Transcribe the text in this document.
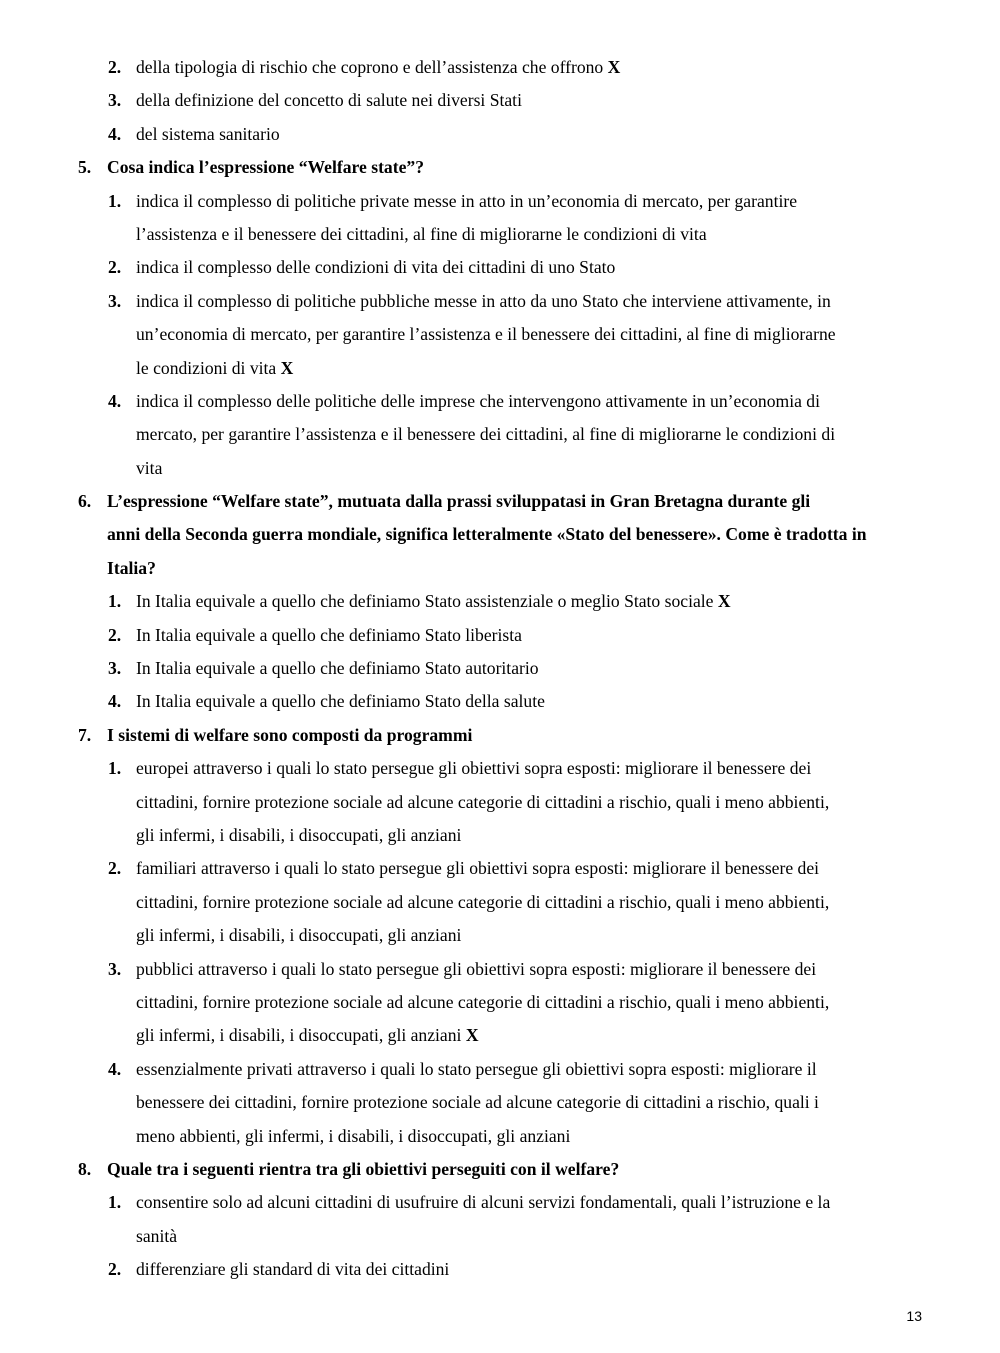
2. della tipologia di rischio che coprono e dell’assistenza che offrono X
3. della definizione del concetto di salute nei diversi Stati
4. del sistema sanitario
5. Cosa indica l’espressione “Welfare state”?
1. indica il complesso di politiche private messe in atto in un’economia di mercato, per garantire
l’assistenza e il benessere dei cittadini, al fine di migliorarne le condizioni di vita
2. indica il complesso delle condizioni di vita dei cittadini di uno Stato
3. indica il complesso di politiche pubbliche messe in atto da uno Stato che interviene attivamente, in
un’economia di mercato, per garantire l’assistenza e il benessere dei cittadini, al fine di migliorarne
le condizioni di vita X
4. indica il complesso delle politiche delle imprese che intervengono attivamente in un’economia di
mercato, per garantire l’assistenza e il benessere dei cittadini, al fine di migliorarne le condizioni di
vita
6. L’espressione “Welfare state”, mutuata dalla prassi sviluppatasi in Gran Bretagna durante gli
anni della Seconda guerra mondiale, significa letteralmente «Stato del benessere». Come è tradotta in
Italia?
1. In Italia equivale a quello che definiamo Stato assistenziale o meglio Stato sociale X
2. In Italia equivale a quello che definiamo Stato liberista
3. In Italia equivale a quello che definiamo Stato autoritario
4. In Italia equivale a quello che definiamo Stato della salute
7. I sistemi di welfare sono composti da programmi
1. europei attraverso i quali lo stato persegue gli obiettivi sopra esposti: migliorare il benessere dei
cittadini, fornire protezione sociale ad alcune categorie di cittadini a rischio, quali i meno abbienti,
gli infermi, i disabili, i disoccupati, gli anziani
2. familiari attraverso i quali lo stato persegue gli obiettivi sopra esposti: migliorare il benessere dei
cittadini, fornire protezione sociale ad alcune categorie di cittadini a rischio, quali i meno abbienti,
gli infermi, i disabili, i disoccupati, gli anziani
3. pubblici attraverso i quali lo stato persegue gli obiettivi sopra esposti: migliorare il benessere dei
cittadini, fornire protezione sociale ad alcune categorie di cittadini a rischio, quali i meno abbienti,
gli infermi, i disabili, i disoccupati, gli anziani X
4. essenzialmente privati attraverso i quali lo stato persegue gli obiettivi sopra esposti: migliorare il
benessere dei cittadini, fornire protezione sociale ad alcune categorie di cittadini a rischio, quali i
meno abbienti, gli infermi, i disabili, i disoccupati, gli anziani
8. Quale tra i seguenti rientra tra gli obiettivi perseguiti con il welfare?
1. consentire solo ad alcuni cittadini di usufruire di alcuni servizi fondamentali, quali l’istruzione e la
sanità
2. differenziare gli standard di vita dei cittadini
13
